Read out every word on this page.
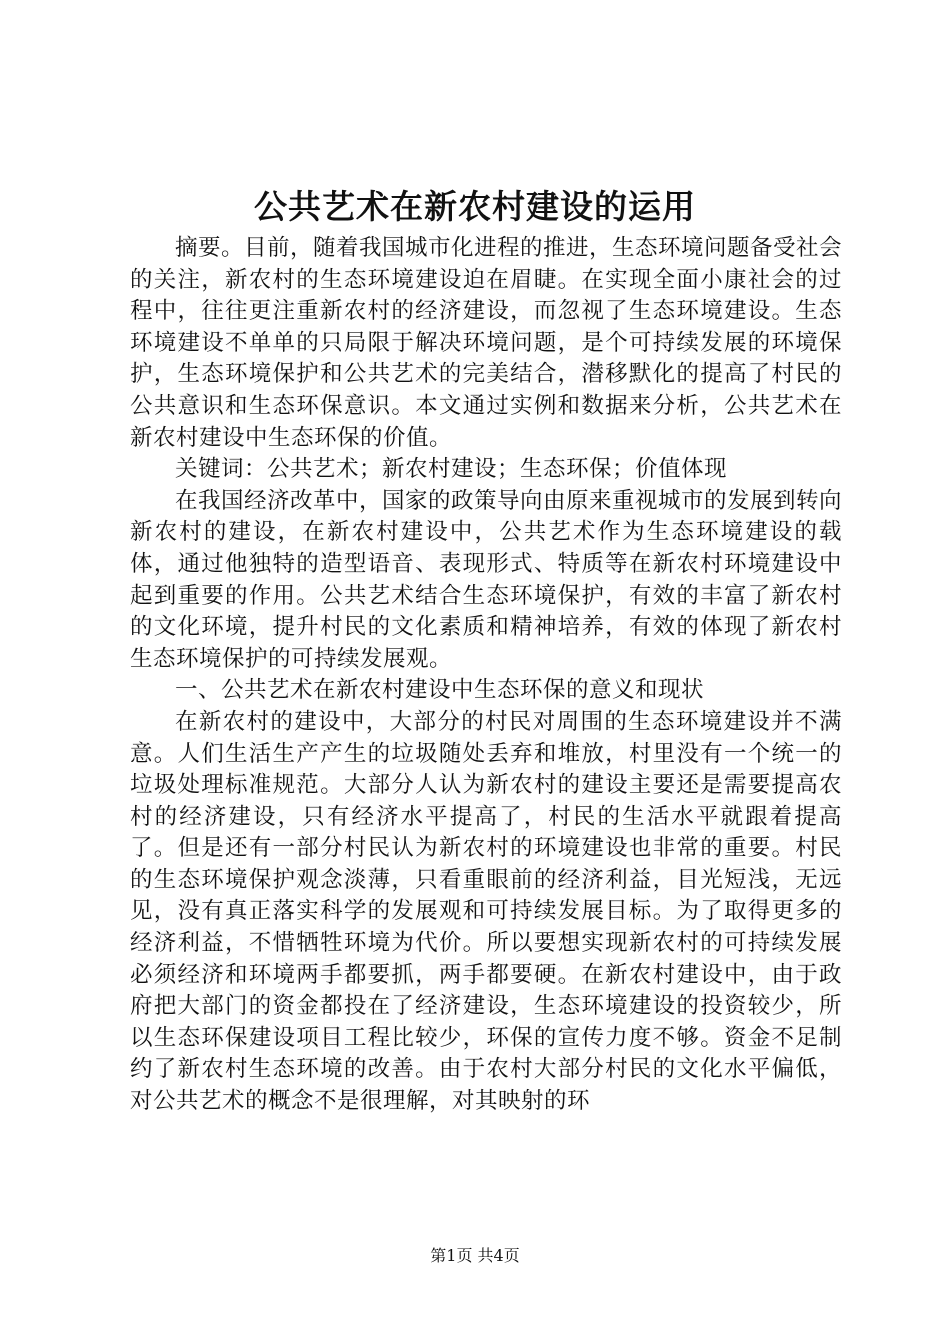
公共艺术在新农村建设的运用

摘要。目前，随着我国城市化进程的推进，生态环境问题备受社会的关注，新农村的生态环境建设迫在眉睫。在实现全面小康社会的过程中，往往更注重新农村的经济建设，而忽视了生态环境建设。生态环境建设不单单的只局限于解决环境问题，是个可持续发展的环境保护，生态环境保护和公共艺术的完美结合，潜移默化的提高了村民的公共意识和生态环保意识。本文通过实例和数据来分析，公共艺术在新农村建设中生态环保的价值。

关键词：公共艺术；新农村建设；生态环保；价值体现

在我国经济改革中，国家的政策导向由原来重视城市的发展到转向新农村的建设，在新农村建设中，公共艺术作为生态环境建设的载体，通过他独特的造型语音、表现形式、特质等在新农村环境建设中起到重要的作用。公共艺术结合生态环境保护，有效的丰富了新农村的文化环境，提升村民的文化素质和精神培养，有效的体现了新农村生态环境保护的可持续发展观。

一、公共艺术在新农村建设中生态环保的意义和现状

在新农村的建设中，大部分的村民对周围的生态环境建设并不满意。人们生活生产产生的垃圾随处丢弃和堆放，村里没有一个统一的垃圾处理标准规范。大部分人认为新农村的建设主要还是需要提高农村的经济建设，只有经济水平提高了，村民的生活水平就跟着提高了。但是还有一部分村民认为新农村的环境建设也非常的重要。村民的生态环境保护观念淡薄，只看重眼前的经济利益，目光短浅，无远见，没有真正落实科学的发展观和可持续发展目标。为了取得更多的经济利益，不惜牺牲环境为代价。所以要想实现新农村的可持续发展必须经济和环境两手都要抓，两手都要硬。在新农村建设中，由于政府把大部门的资金都投在了经济建设，生态环境建设的投资较少，所以生态环保建设项目工程比较少，环保的宣传力度不够。资金不足制约了新农村生态环境的改善。由于农村大部分村民的文化水平偏低，对公共艺术的概念不是很理解，对其映射的环

第1页 共4页
